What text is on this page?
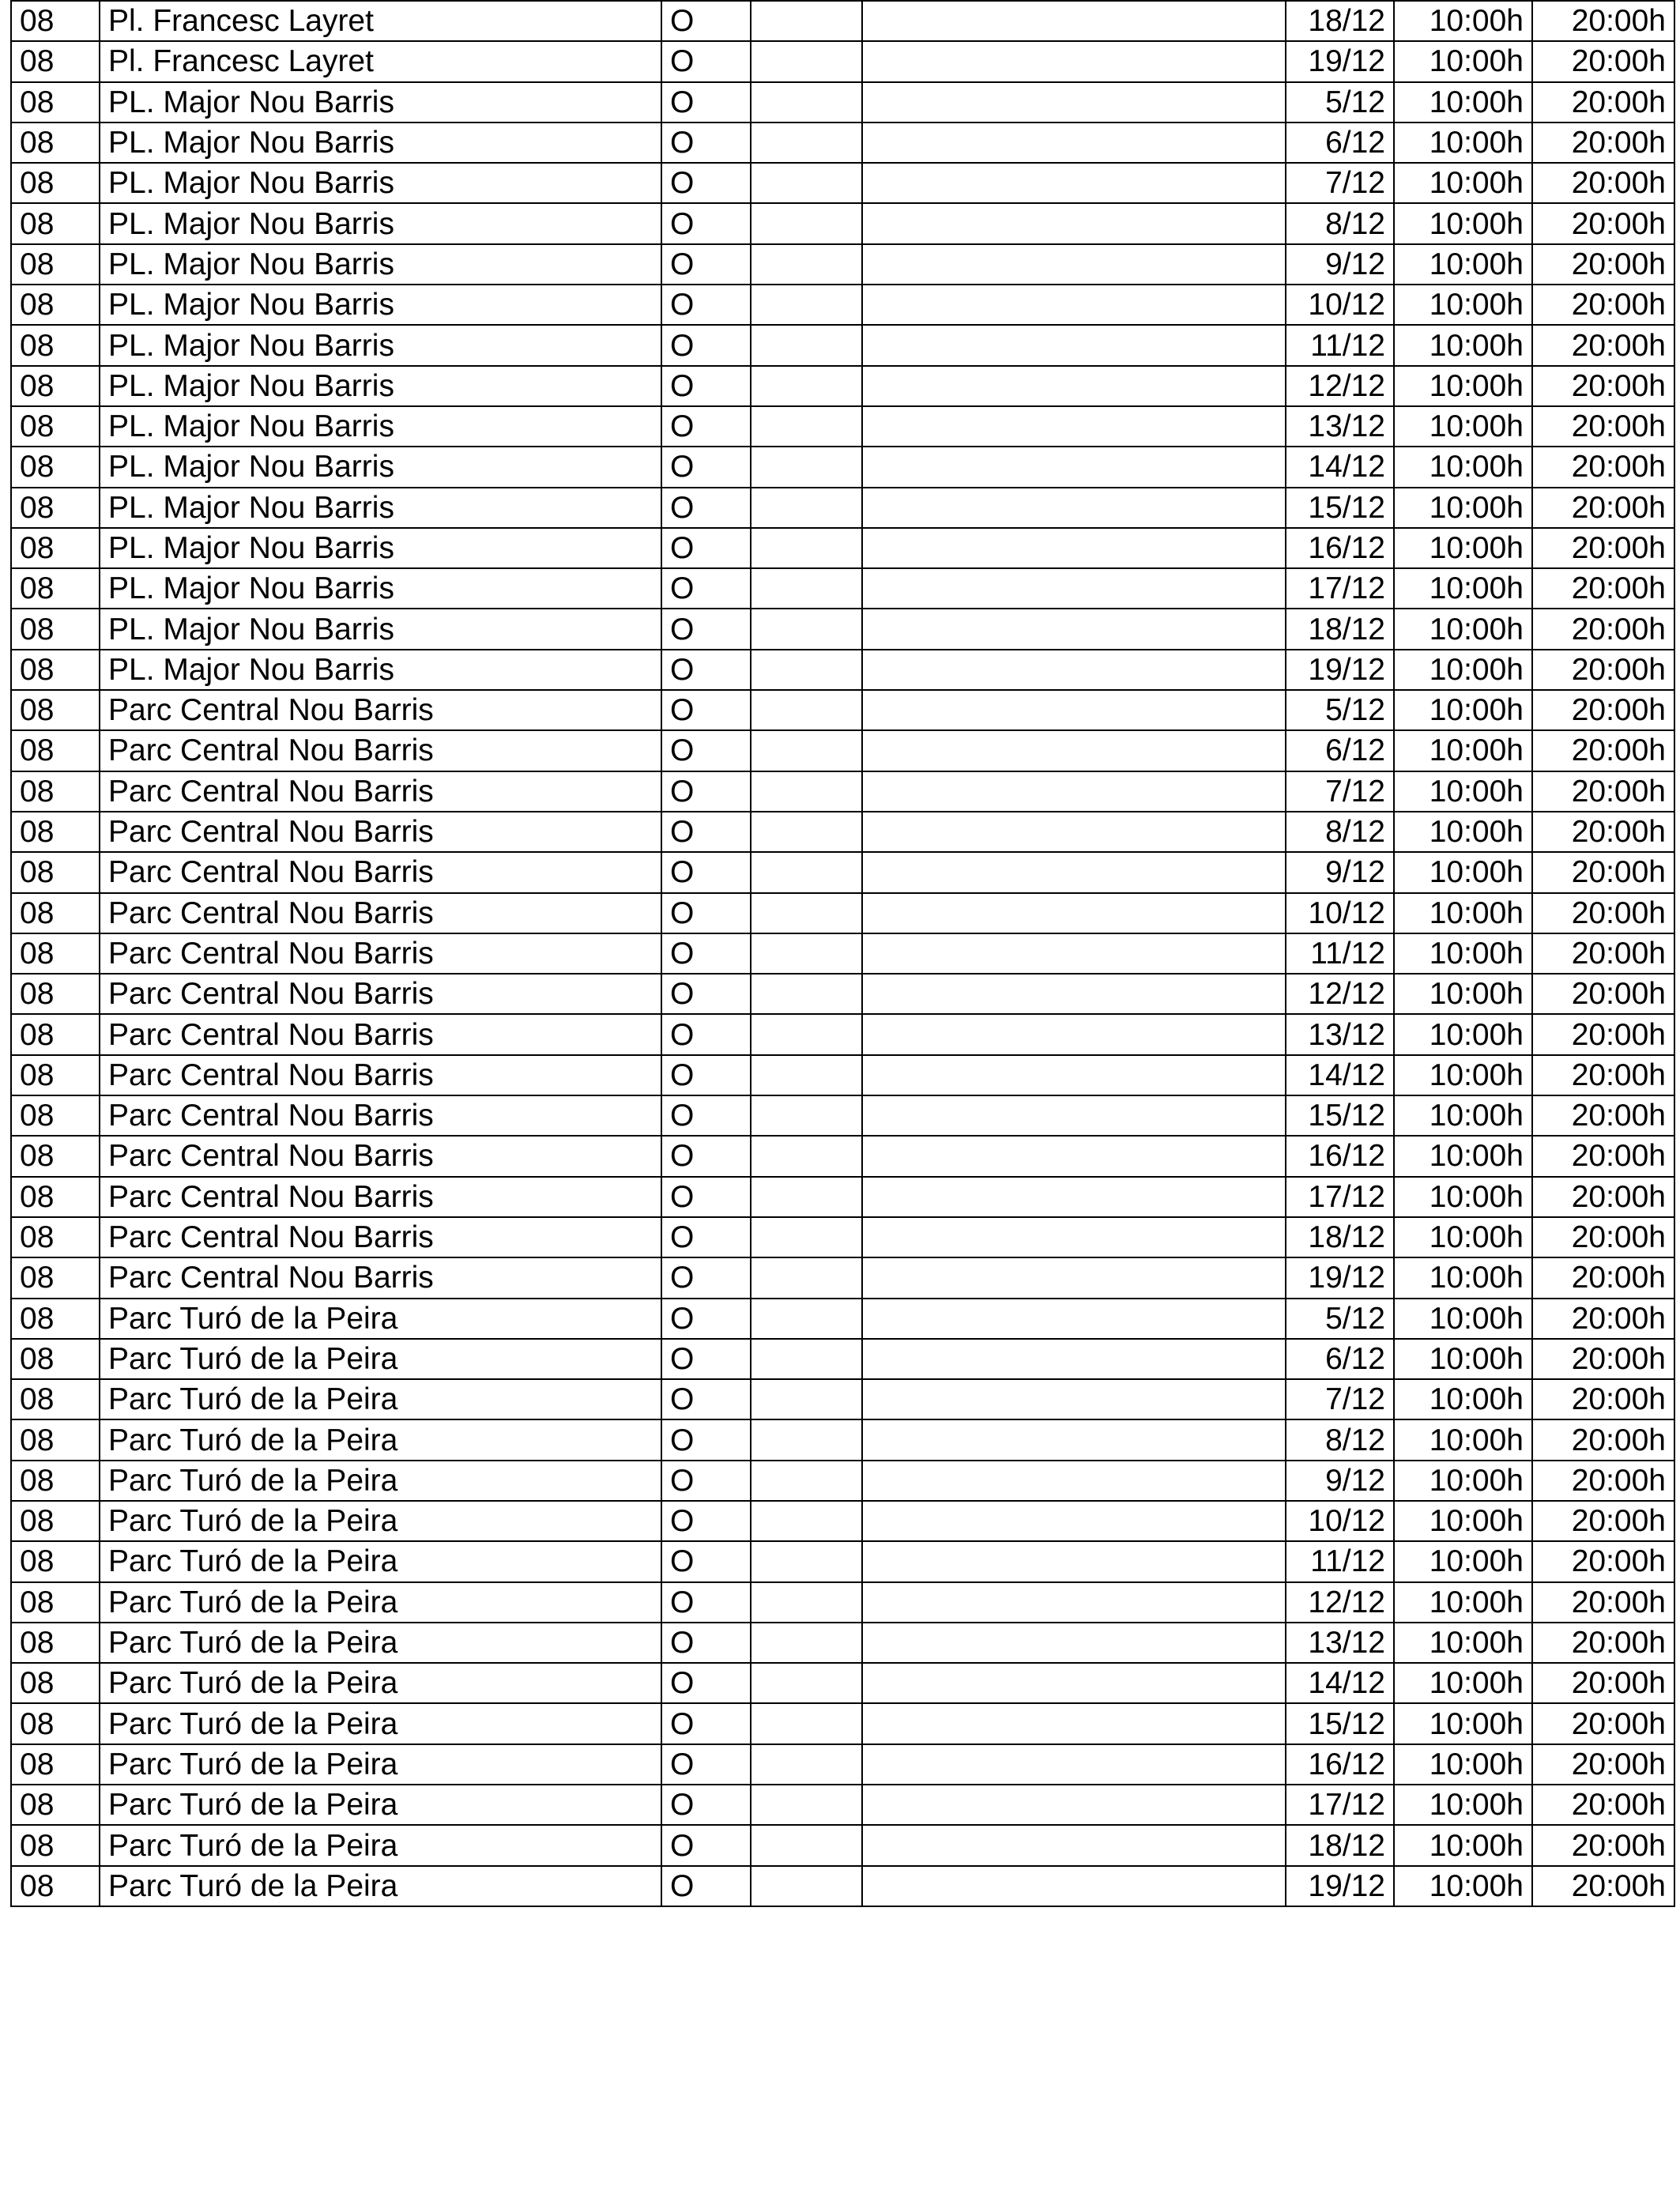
08	Pl. Francesc Layret	O			18/12	10:00h	20:00h
08	Pl. Francesc Layret	O			19/12	10:00h	20:00h
08	PL. Major Nou Barris	O			5/12	10:00h	20:00h
08	PL. Major Nou Barris	O			6/12	10:00h	20:00h
08	PL. Major Nou Barris	O			7/12	10:00h	20:00h
08	PL. Major Nou Barris	O			8/12	10:00h	20:00h
08	PL. Major Nou Barris	O			9/12	10:00h	20:00h
08	PL. Major Nou Barris	O			10/12	10:00h	20:00h
08	PL. Major Nou Barris	O			11/12	10:00h	20:00h
08	PL. Major Nou Barris	O			12/12	10:00h	20:00h
08	PL. Major Nou Barris	O			13/12	10:00h	20:00h
08	PL. Major Nou Barris	O			14/12	10:00h	20:00h
08	PL. Major Nou Barris	O			15/12	10:00h	20:00h
08	PL. Major Nou Barris	O			16/12	10:00h	20:00h
08	PL. Major Nou Barris	O			17/12	10:00h	20:00h
08	PL. Major Nou Barris	O			18/12	10:00h	20:00h
08	PL. Major Nou Barris	O			19/12	10:00h	20:00h
08	Parc Central Nou Barris	O			5/12	10:00h	20:00h
08	Parc Central Nou Barris	O			6/12	10:00h	20:00h
08	Parc Central Nou Barris	O			7/12	10:00h	20:00h
08	Parc Central Nou Barris	O			8/12	10:00h	20:00h
08	Parc Central Nou Barris	O			9/12	10:00h	20:00h
08	Parc Central Nou Barris	O			10/12	10:00h	20:00h
08	Parc Central Nou Barris	O			11/12	10:00h	20:00h
08	Parc Central Nou Barris	O			12/12	10:00h	20:00h
08	Parc Central Nou Barris	O			13/12	10:00h	20:00h
08	Parc Central Nou Barris	O			14/12	10:00h	20:00h
08	Parc Central Nou Barris	O			15/12	10:00h	20:00h
08	Parc Central Nou Barris	O			16/12	10:00h	20:00h
08	Parc Central Nou Barris	O			17/12	10:00h	20:00h
08	Parc Central Nou Barris	O			18/12	10:00h	20:00h
08	Parc Central Nou Barris	O			19/12	10:00h	20:00h
08	Parc Turó de la Peira	O			5/12	10:00h	20:00h
08	Parc Turó de la Peira	O			6/12	10:00h	20:00h
08	Parc Turó de la Peira	O			7/12	10:00h	20:00h
08	Parc Turó de la Peira	O			8/12	10:00h	20:00h
08	Parc Turó de la Peira	O			9/12	10:00h	20:00h
08	Parc Turó de la Peira	O			10/12	10:00h	20:00h
08	Parc Turó de la Peira	O			11/12	10:00h	20:00h
08	Parc Turó de la Peira	O			12/12	10:00h	20:00h
08	Parc Turó de la Peira	O			13/12	10:00h	20:00h
08	Parc Turó de la Peira	O			14/12	10:00h	20:00h
08	Parc Turó de la Peira	O			15/12	10:00h	20:00h
08	Parc Turó de la Peira	O			16/12	10:00h	20:00h
08	Parc Turó de la Peira	O			17/12	10:00h	20:00h
08	Parc Turó de la Peira	O			18/12	10:00h	20:00h
08	Parc Turó de la Peira	O			19/12	10:00h	20:00h
